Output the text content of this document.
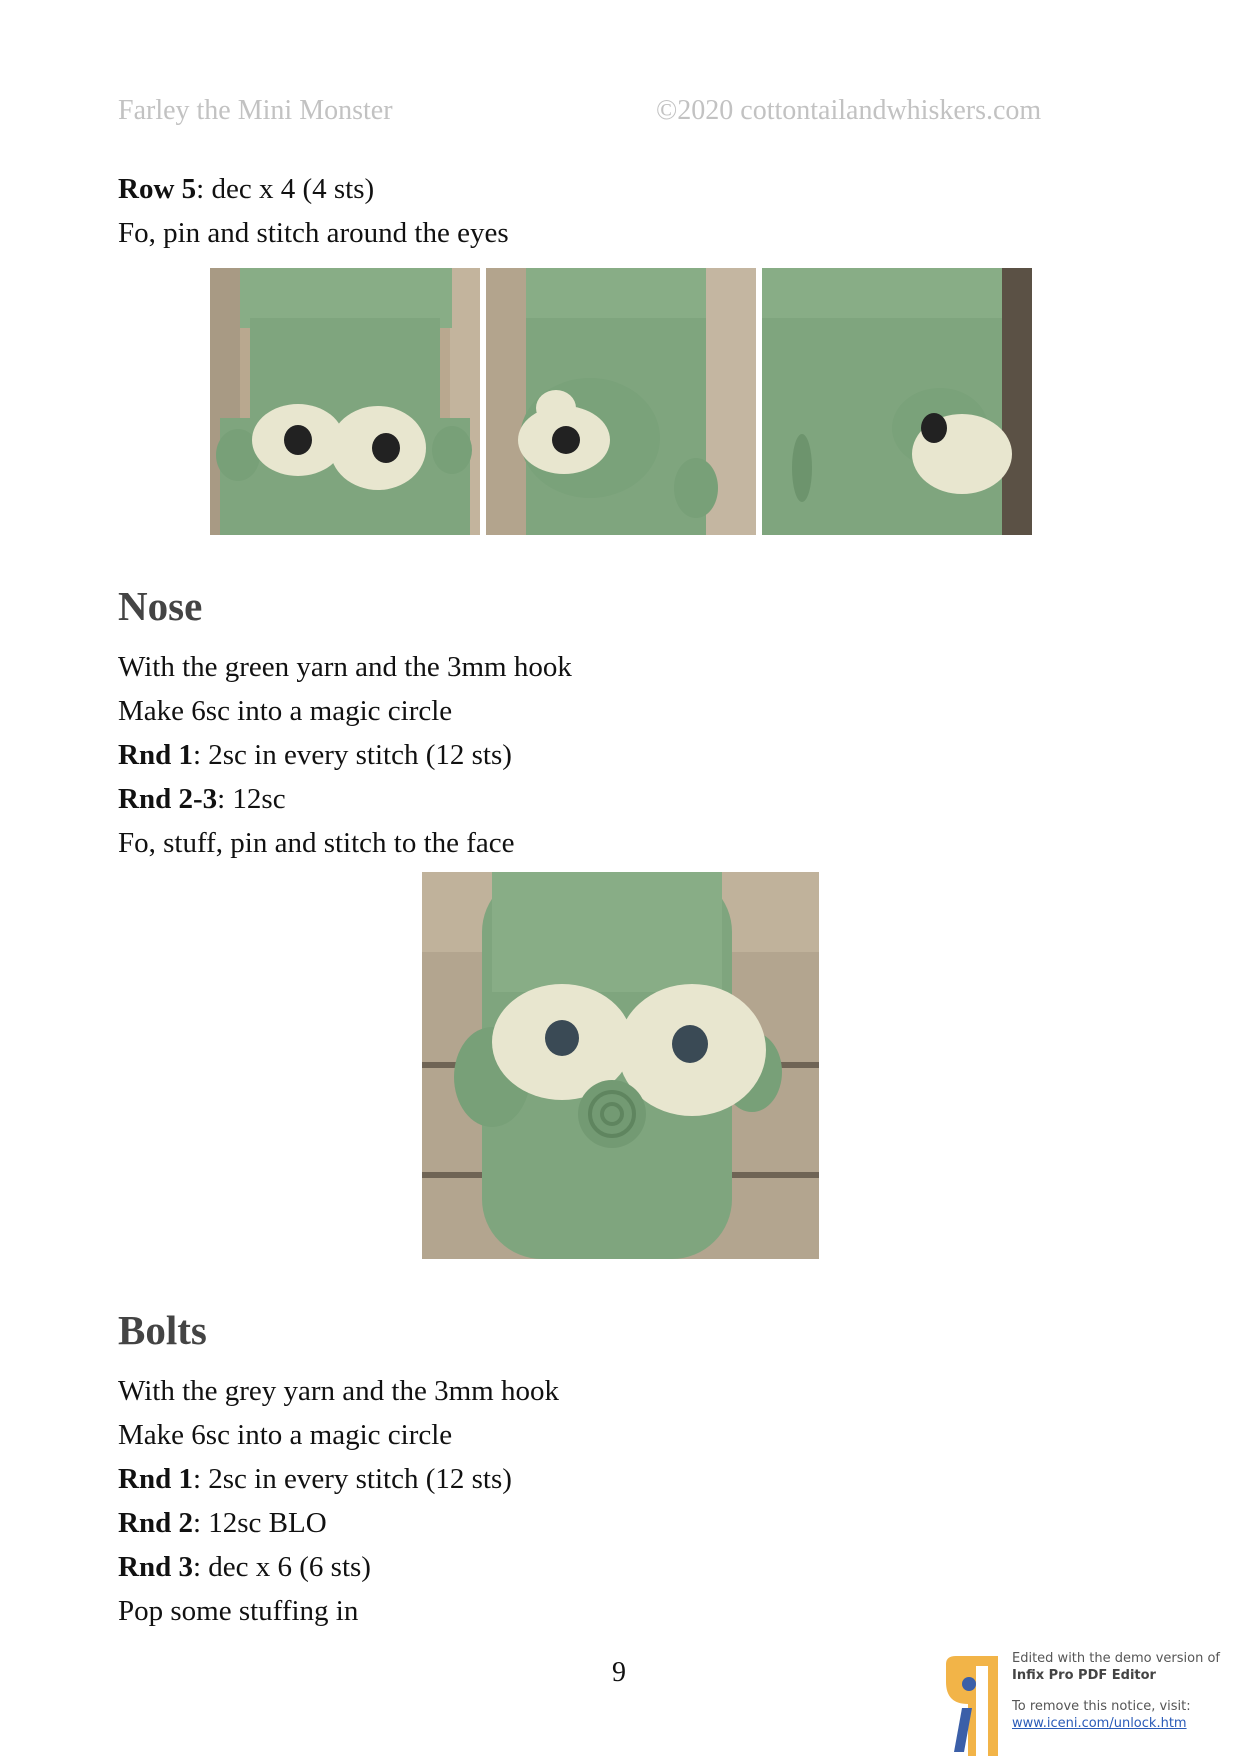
Farley the Mini Monster	©2020 cottontailandwhiskers.com
Row 5: dec x 4 (4 sts)
Fo, pin and stitch around the eyes
Nose
With the green yarn and the 3mm hook
Make 6sc into a magic circle
Rnd 1: 2sc in every stitch (12 sts)
Rnd 2-3: 12sc
Fo, stuff, pin and stitch to the face
Bolts
With the grey yarn and the 3mm hook
Make 6sc into a magic circle
Rnd 1: 2sc in every stitch (12 sts)
Rnd 2: 12sc BLO
Rnd 3: dec x 6 (6 sts)
Pop some stuffing in
9	Edited with the demo version of
Infix Pro PDF Editor
To remove this notice, visit:
www.iceni.com/unlock.htm
